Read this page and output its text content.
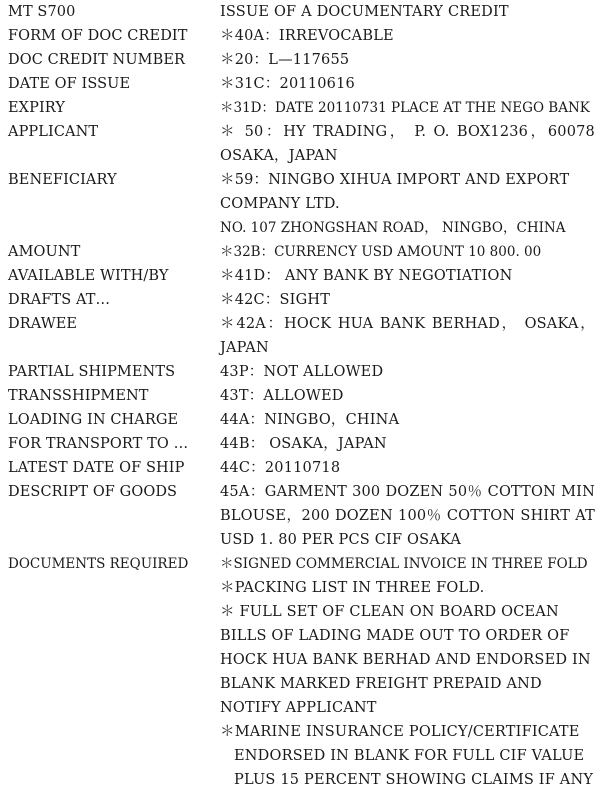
MT S700	ISSUE OF A DOCUMENTARY CREDIT
FORM OF DOC CREDIT	＊40A：IRREVOCABLE
DOC CREDIT NUMBER	＊20：L—117655
DATE OF ISSUE	＊31C：20110616
EXPIRY	＊31D：DATE 20110731 PLACE AT THE NEGO BANK
APPLICANT	＊ 50：HY TRADING， P. O. BOX1236，60078 OSAKA，JAPAN
BENEFICIARY	＊59：NINGBO XIHUA IMPORT AND EXPORT COMPANY LTD.

NO. 107 ZHONGSHAN ROAD， NINGBO，CHINA

AMOUNT	＊32B：CURRENCY USD AMOUNT 10 800. 00
AVAILABLE WITH/BY	＊41D： ANY BANK BY NEGOTIATION
DRAFTS AT…	＊42C：SIGHT
DRAWEE	＊42A：HOCK HUA BANK BERHAD， OSAKA，JAPAN
PARTIAL SHIPMENTS	43P：NOT ALLOWED
TRANSSHIPMENT	43T：ALLOWED
LOADING IN CHARGE	44A：NINGBO，CHINA
FOR TRANSPORT TO …	44B： OSAKA，JAPAN
LATEST DATE OF SHIP	44C：20110718
DESCRIPT OF GOODS	45A：GARMENT 300 DOZEN 50％ COTTON MIN BLOUSE，200 DOZEN 100％ COTTON SHIRT AT USD 1. 80 PER PCS CIF OSAKA
DOCUMENTS REQUIRED	＊SIGNED COMMERCIAL INVOICE IN THREE FOLD

＊PACKING LIST IN THREE FOLD.

＊ FULL SET OF CLEAN ON BOARD OCEAN BILLS OF LADING MADE OUT TO ORDER OF HOCK HUA BANK BERHAD AND ENDORSED IN BLANK MARKED FREIGHT PREPAID AND NOTIFY APPLICANT

＊MARINE INSURANCE POLICY/CERTIFICATE

ENDORSED IN BLANK FOR FULL CIF VALUE PLUS 15 PERCENT SHOWING CLAIMS IF ANY
